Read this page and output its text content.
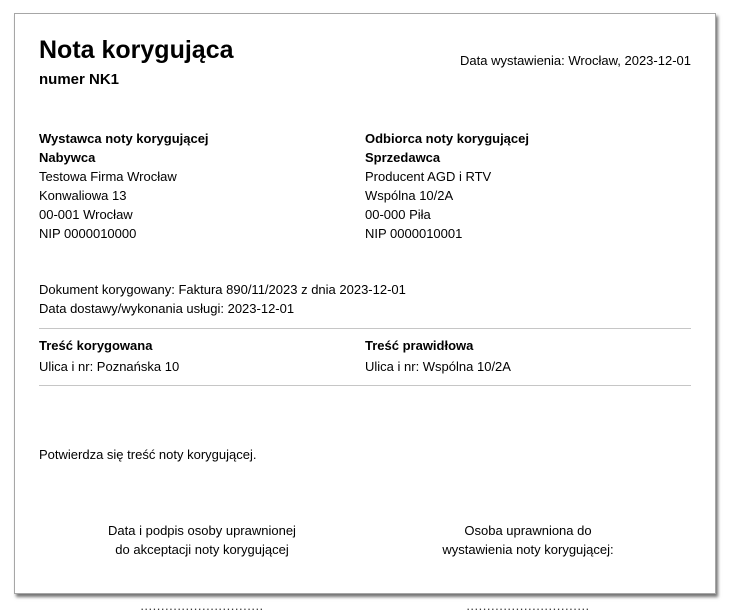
Nota korygująca
numer NK1
Data wystawienia: Wrocław, 2023-12-01
Wystawca noty korygującej
Nabywca
Testowa Firma Wrocław
Konwaliowa 13
00-001 Wrocław
NIP 0000010000
Odbiorca noty korygującej
Sprzedawca
Producent AGD i RTV
Wspólna 10/2A
00-000 Piła
NIP 0000010001
Dokument korygowany: Faktura 890/11/2023 z dnia 2023-12-01
Data dostawy/wykonania usługi: 2023-12-01
Treść korygowana	Treść prawidłowa
Ulica i nr: Poznańska 10	Ulica i nr: Wspólna 10/2A
Potwierdza się treść noty korygującej.
Data i podpis osoby uprawnionej
do akceptacji noty korygującej
..............................
Osoba uprawniona do
wystawienia noty korygującej:
..............................
